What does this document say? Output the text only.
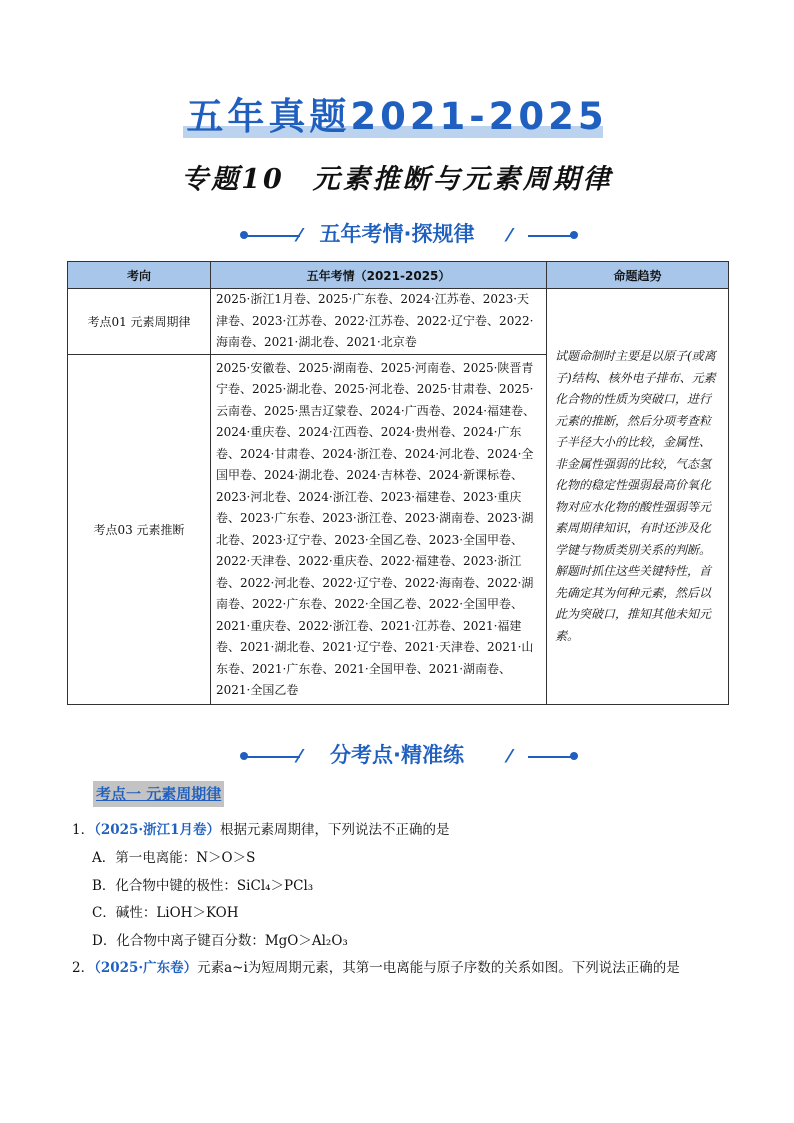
五年真题2021-2025
专题10 元素推断与元素周期律
⁄ 五年考情·探规律	⁄
考向	五年考情（2021-2025）	命题趋势
考点01 元素周期律	2025·浙江1月卷、2025·广东卷、2024·江苏卷、2023·天津卷、2023·江苏卷、2022·江苏卷、2022·辽宁卷、2022·海南卷、2021·湖北卷、2021·北京卷	试题命制时主要是以原子(或离子)结构、核外电子排布、元素化合物的性质为突破口，进行元素的推断，然后分项考查粒子半径大小的比较，金属性、非金属性强弱的比较，气态氢化物的稳定性强弱最高价氧化物对应水化物的酸性强弱等元素周期律知识，有时还涉及化学键与物质类别关系的判断。解题时抓住这些关键特性，首先确定其为何种元素，然后以此为突破口，推知其他未知元素。
考点03 元素推断	2025·安徽卷、2025·湖南卷、2025·河南卷、2025·陕晋青宁卷、2025·湖北卷、2025·河北卷、2025·甘肃卷、2025·云南卷、2025·黑吉辽蒙卷、2024·广西卷、2024·福建卷、2024·重庆卷、2024·江西卷、2024·贵州卷、2024·广东卷、2024·甘肃卷、2024·浙江卷、2024·河北卷、2024·全国甲卷、2024·湖北卷、2024·吉林卷、2024·新课标卷、2023·河北卷、2024·浙江卷、2023·福建卷、2023·重庆卷、2023·广东卷、2023·浙江卷、2023·湖南卷、2023·湖北卷、2023·辽宁卷、2023·全国乙卷、2023·全国甲卷、2022·天津卷、2022·重庆卷、2022·福建卷、2023·浙江卷、2022·河北卷、2022·辽宁卷、2022·海南卷、2022·湖南卷、2022·广东卷、2022·全国乙卷、2022·全国甲卷、2021·重庆卷、2022·浙江卷、2021·江苏卷、2021·福建卷、2021·湖北卷、2021·辽宁卷、2021·天津卷、2021·山东卷、2021·广东卷、2021·全国甲卷、2021·湖南卷、2021·全国乙卷	
⁄	分考点·精准练	⁄
考点一 元素周期律
1．（2025·浙江1月卷）根据元素周期律，下列说法不正确的是
A．第一电离能：N＞O＞S
B．化合物中键的极性：SiCl₄＞PCl₃
C．碱性：LiOH＞KOH
D．化合物中离子键百分数：MgO＞Al₂O₃
2．（2025·广东卷）元素a~i为短周期元素，其第一电离能与原子序数的关系如图。下列说法正确的是
